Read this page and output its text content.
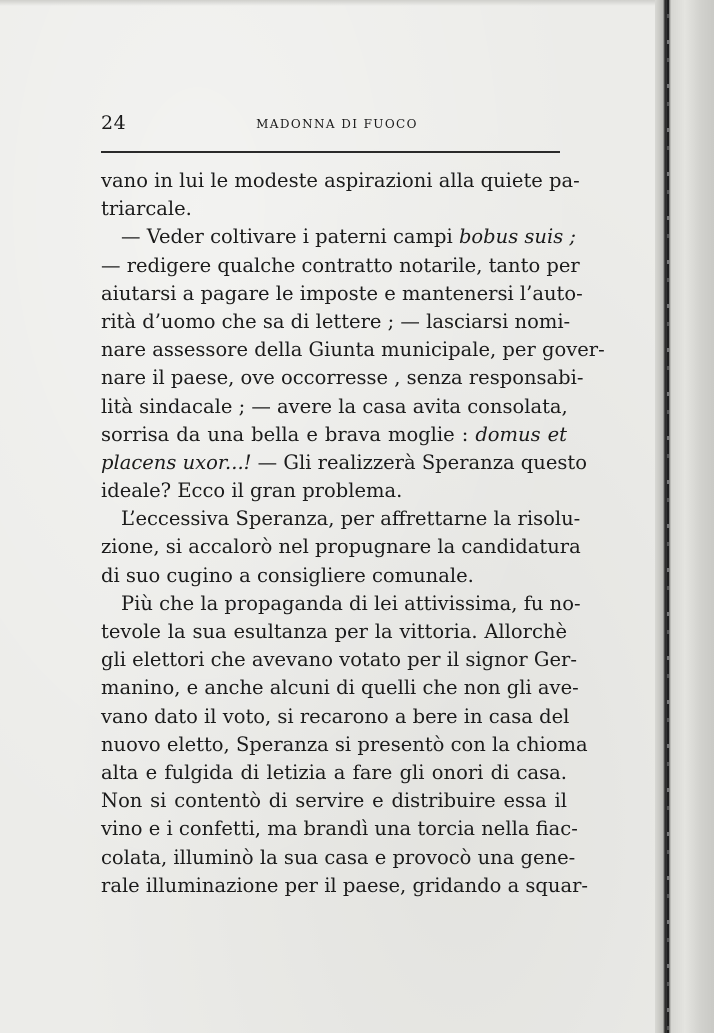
24	MADONNA DI FUOCO
vano in lui le modeste aspirazioni alla quiete pa-
triarcale.
— Veder coltivare i paterni campi bobus suis ;
— redigere qualche contratto notarile, tanto per
aiutarsi a pagare le imposte e mantenersi l’auto-
rità d’uomo che sa di lettere ; — lasciarsi nomi-
nare assessore della Giunta municipale, per gover-
nare il paese, ove occorresse , senza responsabi-
lità sindacale ; — avere la casa avita consolata,
sorrisa da una bella e brava moglie : domus et
placens uxor...! — Gli realizzerà Speranza questo
ideale? Ecco il gran problema.
L’eccessiva Speranza, per affrettarne la risolu-
zione, si accalorò nel propugnare la candidatura
di suo cugino a consigliere comunale.
Più che la propaganda di lei attivissima, fu no-
tevole la sua esultanza per la vittoria. Allorchè
gli elettori che avevano votato per il signor Ger-
manino, e anche alcuni di quelli che non gli ave-
vano dato il voto, si recarono a bere in casa del
nuovo eletto, Speranza si presentò con la chioma
alta e fulgida di letizia a fare gli onori di casa.
Non si contentò di servire e distribuire essa il
vino e i confetti, ma brandì una torcia nella fiac-
colata, illuminò la sua casa e provocò una gene-
rale illuminazione per il paese, gridando a squar-
